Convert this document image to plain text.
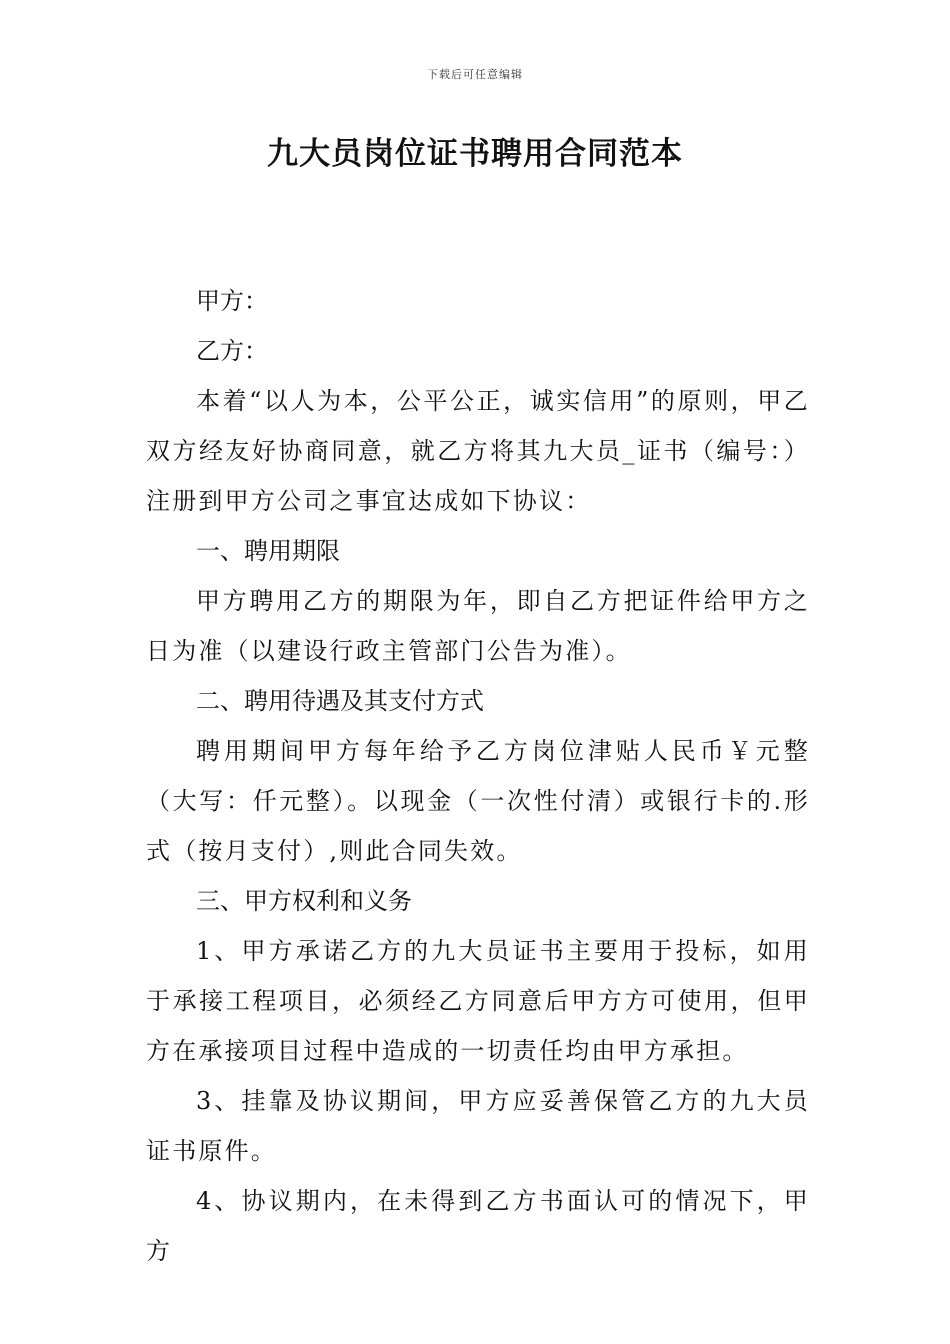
下载后可任意编辑
九大员岗位证书聘用合同范本

甲方：

乙方：

本着“以人为本，公平公正，诚实信用”的原则，甲乙双方经友好协商同意，就乙方将其九大员_证书（编号：）注册到甲方公司之事宜达成如下协议：

一、聘用期限

甲方聘用乙方的期限为年，即自乙方把证件给甲方之日为准（以建设行政主管部门公告为准）。

二、聘用待遇及其支付方式

聘用期间甲方每年给予乙方岗位津贴人民币￥元整（大写：仟元整）。以现金（一次性付清）或银行卡的.形式（按月支付）,则此合同失效。

三、甲方权利和义务

1、甲方承诺乙方的九大员证书主要用于投标，如用于承接工程项目，必须经乙方同意后甲方方可使用，但甲方在承接项目过程中造成的一切责任均由甲方承担。

3、挂靠及协议期间，甲方应妥善保管乙方的九大员证书原件。

4、协议期内，在未得到乙方书面认可的情况下，甲方
